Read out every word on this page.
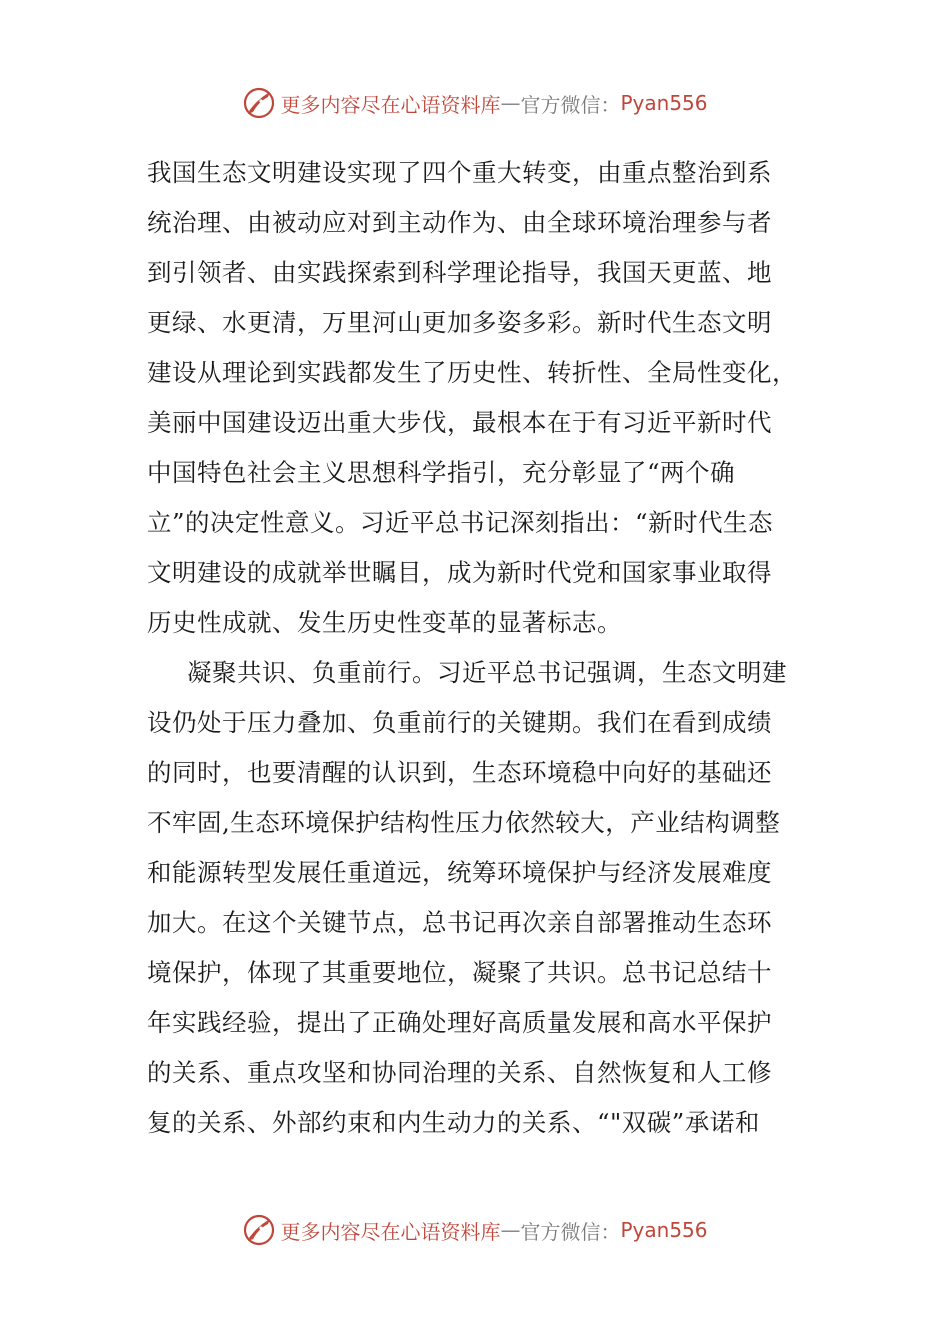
更多内容尽在心语资料库 — 官方微信： Pyan556
我国生态文明建设实现了四个重大转变，由重点整治到系
统治理、由被动应对到主动作为、由全球环境治理参与者
到引领者、由实践探索到科学理论指导，我国天更蓝、地
更绿、水更清，万里河山更加多姿多彩。新时代生态文明
建设从理论到实践都发生了历史性、转折性、全局性变化，
美丽中国建设迈出重大步伐，最根本在于有习近平新时代
中国特色社会主义思想科学指引，充分彰显了“两个确
立”的决定性意义。习近平总书记深刻指出：“新时代生态
文明建设的成就举世瞩目，成为新时代党和国家事业取得
历史性成就、发生历史性变革的显著标志。
凝聚共识、负重前行。习近平总书记强调，生态文明建
设仍处于压力叠加、负重前行的关键期。我们在看到成绩
的同时，也要清醒的认识到，生态环境稳中向好的基础还
不牢固,生态环境保护结构性压力依然较大，产业结构调整
和能源转型发展任重道远，统筹环境保护与经济发展难度
加大。在这个关键节点，总书记再次亲自部署推动生态环
境保护，体现了其重要地位，凝聚了共识。总书记总结十
年实践经验，提出了正确处理好高质量发展和高水平保护
的关系、重点攻坚和协同治理的关系、自然恢复和人工修
复的关系、外部约束和内生动力的关系、“"双碳”承诺和
更多内容尽在心语资料库 — 官方微信： Pyan556
